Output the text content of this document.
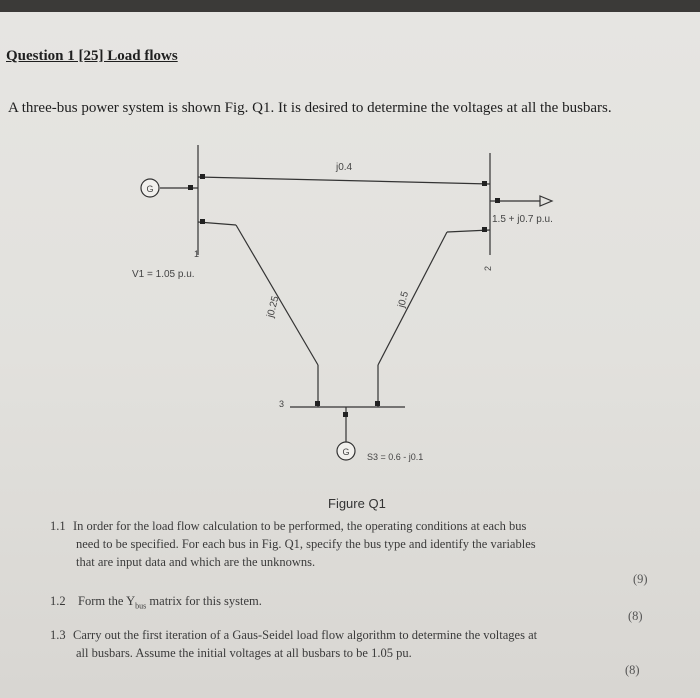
Question 1 [25] Load flows
A three-bus power system is shown Fig. Q1. It is desired to determine the voltages at all the busbars.
G
G
j0.4
1.5 + j0.7 p.u.
V1 = 1.05 p.u.
1
2
3
j0.25	j0.5
S3 = 0.6 - j0.1
Figure Q1
1.1 In order for the load flow calculation to be performed, the operating conditions at each bus
need to be specified. For each bus in Fig. Q1, specify the bus type and identify the variables
that are input data and which are the unknowns.
(9)
1.2 Form the $Y_{bus}$ matrix for this system.
(8)
1.3 Carry out the first iteration of a Gaus-Seidel load flow algorithm to determine the voltages at
all busbars. Assume the initial voltages at all busbars to be 1.05 pu.
(8)
